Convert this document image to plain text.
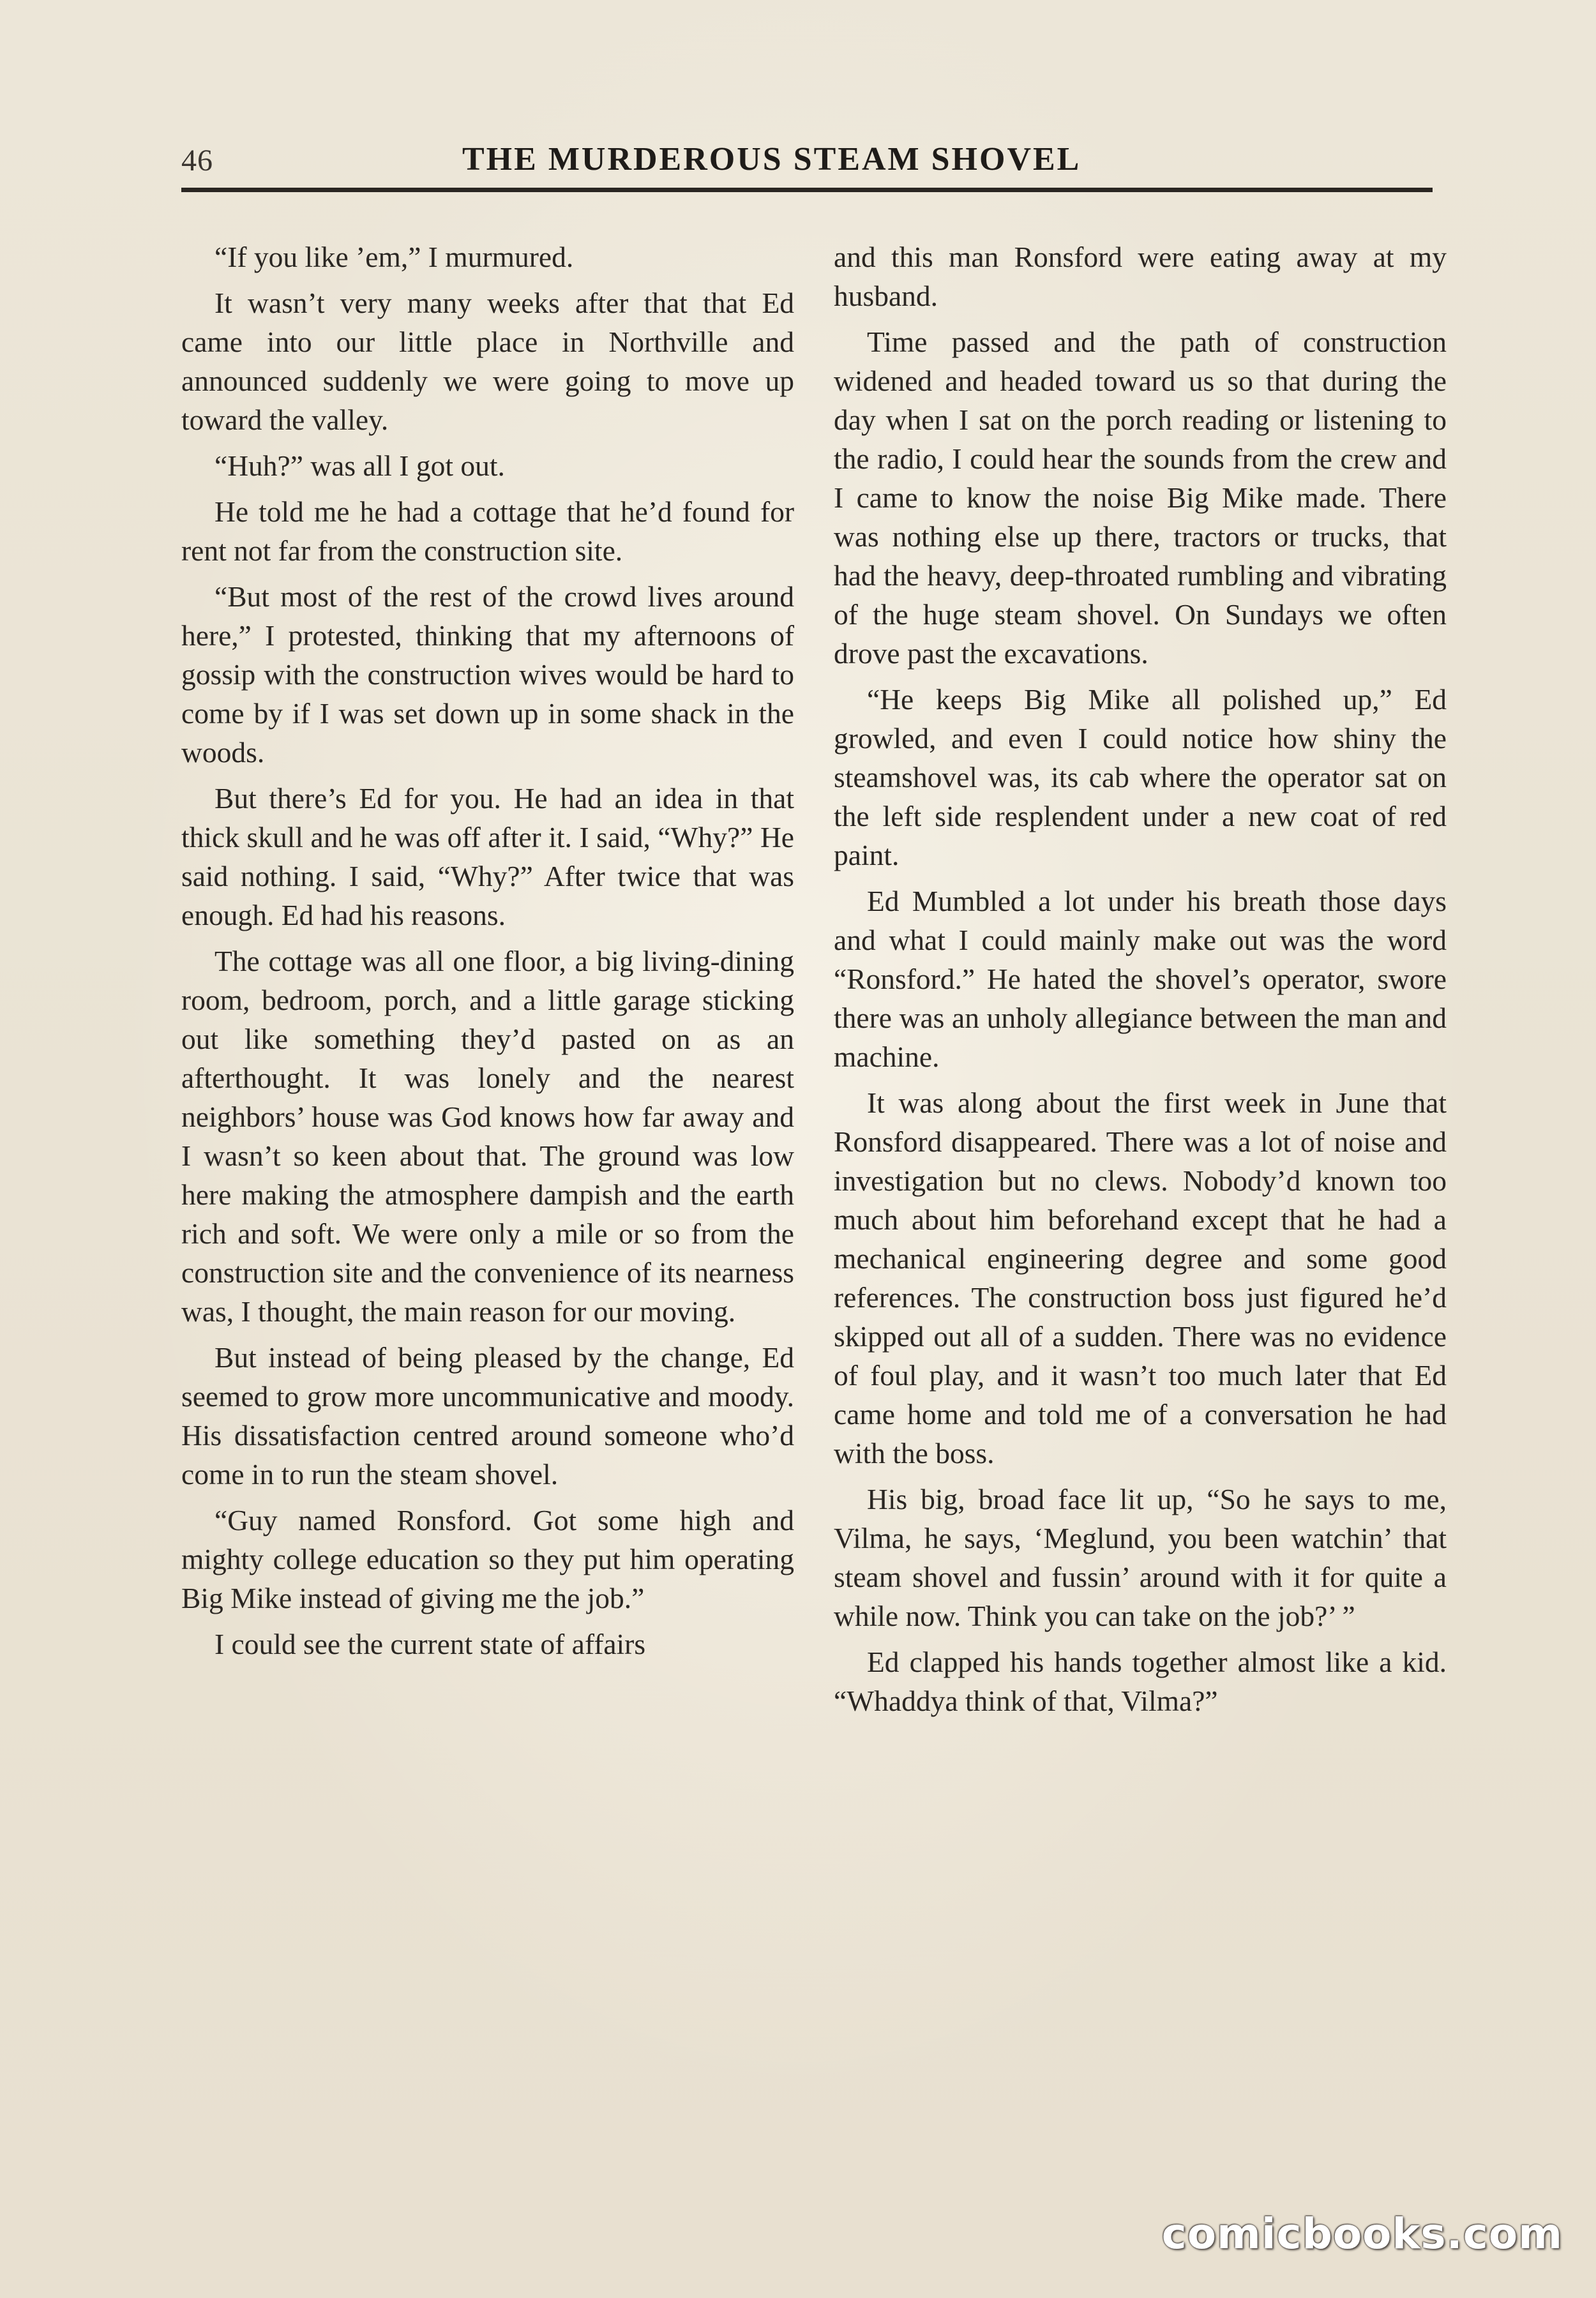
46	THE MURDEROUS STEAM SHOVEL

“If you like ’em,” I murmured.

It wasn’t very many weeks after that that Ed came into our little place in Northville and announced suddenly we were going to move up toward the valley.

“Huh?” was all I got out.

He told me he had a cottage that he’d found for rent not far from the construction site.

“But most of the rest of the crowd lives around here,” I protested, thinking that my afternoons of gossip with the construction wives would be hard to come by if I was set down up in some shack in the woods.

But there’s Ed for you. He had an idea in that thick skull and he was off after it. I said, “Why?” He said nothing. I said, “Why?” After twice that was enough. Ed had his reasons.

The cottage was all one floor, a big living-dining room, bedroom, porch, and a little garage sticking out like something they’d pasted on as an afterthought. It was lonely and the nearest neighbors’ house was God knows how far away and I wasn’t so keen about that. The ground was low here making the atmosphere dampish and the earth rich and soft. We were only a mile or so from the construction site and the convenience of its nearness was, I thought, the main reason for our moving.

But instead of being pleased by the change, Ed seemed to grow more uncommunicative and moody. His dissatisfaction centred around someone who’d come in to run the steam shovel.

“Guy named Ronsford. Got some high and mighty college education so they put him operating Big Mike instead of giving me the job.”

I could see the current state of affairs

and this man Ronsford were eating away at my husband.

Time passed and the path of construction widened and headed toward us so that during the day when I sat on the porch reading or listening to the radio, I could hear the sounds from the crew and I came to know the noise Big Mike made. There was nothing else up there, tractors or trucks, that had the heavy, deep-throated rumbling and vibrating of the huge steam shovel. On Sundays we often drove past the excavations.

“He keeps Big Mike all polished up,” Ed growled, and even I could notice how shiny the steamshovel was, its cab where the operator sat on the left side resplendent under a new coat of red paint.

Ed Mumbled a lot under his breath those days and what I could mainly make out was the word “Ronsford.” He hated the shovel’s operator, swore there was an unholy allegiance between the man and machine.

It was along about the first week in June that Ronsford disappeared. There was a lot of noise and investigation but no clews. Nobody’d known too much about him beforehand except that he had a mechanical engineering degree and some good references. The construction boss just figured he’d skipped out all of a sudden. There was no evidence of foul play, and it wasn’t too much later that Ed came home and told me of a conversation he had with the boss.

His big, broad face lit up, “So he says to me, Vilma, he says, ‘Meglund, you been watchin’ that steam shovel and fussin’ around with it for quite a while now. Think you can take on the job?’ ”

Ed clapped his hands together almost like a kid. “Whaddya think of that, Vilma?”

comicbooks.com
